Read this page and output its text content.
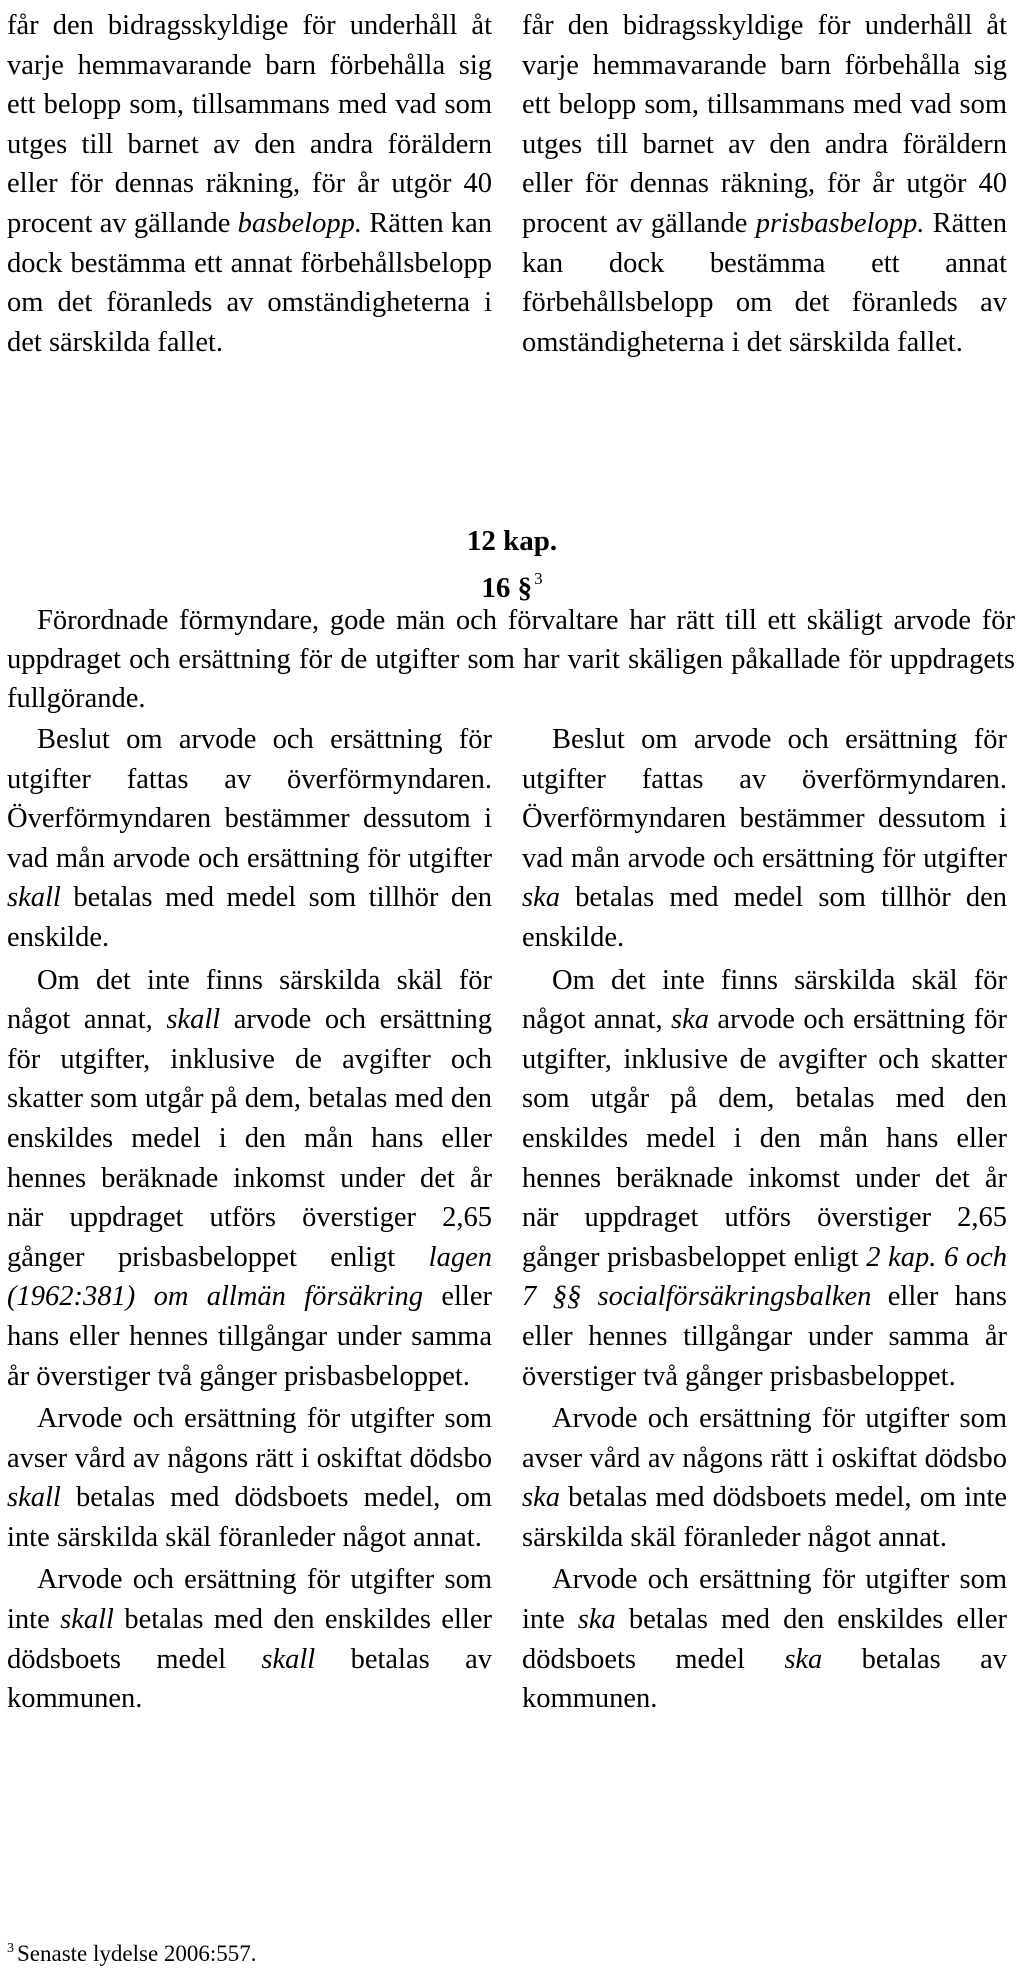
får den bidragsskyldige för underhåll åt varje hemmavarande barn förbehålla sig ett belopp som, tillsammans med vad som utges till barnet av den andra föräldern eller för dennas räkning, för år utgör 40 procent av gällande basbelopp. Rätten kan dock bestämma ett annat förbehållsbelopp om det föranleds av omständigheterna i det särskilda fallet.

får den bidragsskyldige för underhåll åt varje hemmavarande barn förbehålla sig ett belopp som, tillsammans med vad som utges till barnet av den andra föräldern eller för dennas räkning, för år utgör 40 procent av gällande prisbasbelopp. Rätten kan dock bestämma ett annat förbehållsbelopp om det föranleds av omständigheterna i det särskilda fallet.

12 kap.
16 § $^3$

Förordnade förmyndare, gode män och förvaltare har rätt till ett skäligt arvode för uppdraget och ersättning för de utgifter som har varit skäligen påkallade för uppdragets fullgörande.

Beslut om arvode och ersättning för utgifter fattas av överförmyndaren. Överförmyndaren bestämmer dessutom i vad mån arvode och ersättning för utgifter skall betalas med medel som tillhör den enskilde.

Om det inte finns särskilda skäl för något annat, skall arvode och ersättning för utgifter, inklusive de avgifter och skatter som utgår på dem, betalas med den enskildes medel i den mån hans eller hennes beräknade inkomst under det år när uppdraget utförs överstiger 2,65 gånger prisbasbeloppet enligt lagen (1962:381) om allmän försäkring eller hans eller hennes tillgångar under samma år överstiger två gånger prisbasbeloppet.

Arvode och ersättning för utgifter som avser vård av någons rätt i oskiftat dödsbo skall betalas med dödsboets medel, om inte särskilda skäl föranleder något annat.

Arvode och ersättning för utgifter som inte skall betalas med den enskildes eller dödsboets medel skall betalas av kommunen.

Beslut om arvode och ersättning för utgifter fattas av överförmyndaren. Överförmyndaren bestämmer dessutom i vad mån arvode och ersättning för utgifter ska betalas med medel som tillhör den enskilde.

Om det inte finns särskilda skäl för något annat, ska arvode och ersättning för utgifter, inklusive de avgifter och skatter som utgår på dem, betalas med den enskildes medel i den mån hans eller hennes beräknade inkomst under det år när uppdraget utförs överstiger 2,65 gånger prisbasbeloppet enligt 2 kap. 6 och 7 §§ socialförsäkringsbalken eller hans eller hennes tillgångar under samma år överstiger två gånger prisbasbeloppet.

Arvode och ersättning för utgifter som avser vård av någons rätt i oskiftat dödsbo ska betalas med dödsboets medel, om inte särskilda skäl föranleder något annat.

Arvode och ersättning för utgifter som inte ska betalas med den enskildes eller dödsboets medel ska betalas av kommunen.

$^3$ Senaste lydelse 2006:557.
